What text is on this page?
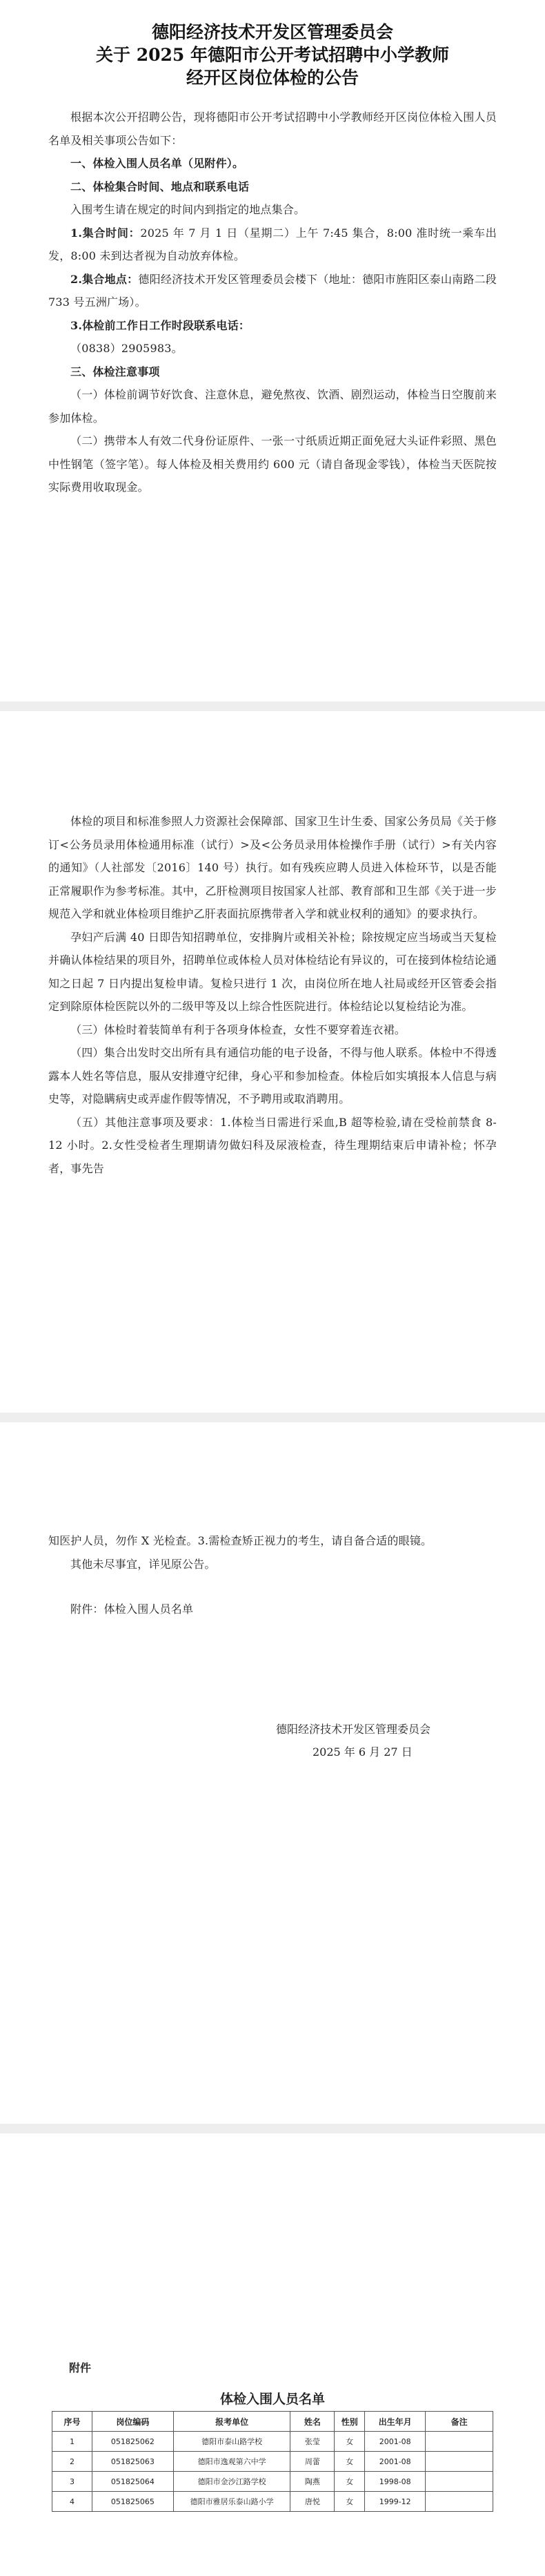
德阳经济技术开发区管理委员会
关于 2025 年德阳市公开考试招聘中小学教师
经开区岗位体检的公告

根据本次公开招聘公告，现将德阳市公开考试招聘中小学教师经开区岗位体检入围人员名单及相关事项公告如下：

一、体检入围人员名单（见附件）。

二、体检集合时间、地点和联系电话

入围考生请在规定的时间内到指定的地点集合。

1.集合时间：2025 年 7 月 1 日（星期二）上午 7:45 集合，8:00 准时统一乘车出发，8:00 未到达者视为自动放弃体检。

2.集合地点：德阳经济技术开发区管理委员会楼下（地址：德阳市旌阳区泰山南路二段 733 号五洲广场）。

3.体检前工作日工作时段联系电话：

（0838）2905983。

三、体检注意事项

（一）体检前调节好饮食、注意休息，避免熬夜、饮酒、剧烈运动，体检当日空腹前来参加体检。

（二）携带本人有效二代身份证原件、一张一寸纸质近期正面免冠大头证件彩照、黑色中性钢笔（签字笔）。每人体检及相关费用约 600 元（请自备现金零钱），体检当天医院按实际费用收取现金。

体检的项目和标准参照人力资源社会保障部、国家卫生计生委、国家公务员局《关于修订<公务员录用体检通用标准（试行）>及<公务员录用体检操作手册（试行）>有关内容的通知》（人社部发〔2016〕140 号）执行。如有残疾应聘人员进入体检环节，以是否能正常履职作为参考标准。其中，乙肝检测项目按国家人社部、教育部和卫生部《关于进一步规范入学和就业体检项目维护乙肝表面抗原携带者入学和就业权利的通知》的要求执行。

孕妇产后满 40 日即告知招聘单位，安排胸片或相关补检；除按规定应当场或当天复检并确认体检结果的项目外，招聘单位或体检人员对体检结论有异议的，可在接到体检结论通知之日起 7 日内提出复检申请。复检只进行 1 次，由岗位所在地人社局或经开区管委会指定到除原体检医院以外的二级甲等及以上综合性医院进行。体检结论以复检结论为准。

（三）体检时着装简单有利于各项身体检查，女性不要穿着连衣裙。

（四）集合出发时交出所有具有通信功能的电子设备，不得与他人联系。体检中不得透露本人姓名等信息，服从安排遵守纪律，身心平和参加检查。体检后如实填报本人信息与病史等，对隐瞒病史或弄虚作假等情况，不予聘用或取消聘用。

（五）其他注意事项及要求：1.体检当日需进行采血,B 超等检验,请在受检前禁食 8-12 小时。2.女性受检者生理期请勿做妇科及尿液检查，待生理期结束后申请补检；怀孕者，事先告

知医护人员，勿作 X 光检查。3.需检查矫正视力的考生，请自备合适的眼镜。

其他未尽事宜，详见原公告。

附件：体检入围人员名单

德阳经济技术开发区管理委员会
2025 年 6 月 27 日
附件
体检入围人员名单
序号	岗位编码	报考单位	姓名	性别	出生年月	备注
1	051825062	德阳市泰山路学校	张莹	女	2001-08	
2	051825063	德阳市逸观第六中学	周蕾	女	2001-08	
3	051825064	德阳市金沙江路学校	陶燕	女	1998-08	
4	051825065	德阳市雅居乐泰山路小学	唐悦	女	1999-12	
